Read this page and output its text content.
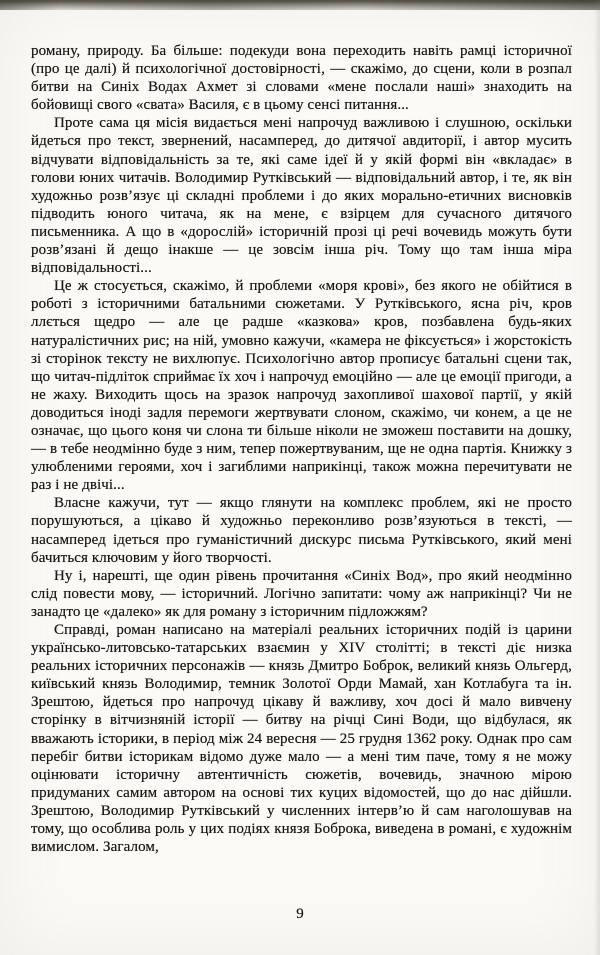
роману, природу. Ба більше: подекуди вона переходить навіть рамці історичної (про це далі) й психологічної достовірності, — скажімо, до сцени, коли в розпал битви на Синіх Водах Ахмет зі словами «мене послали наші» знаходить на бойовищі свого «свата» Василя, є в цьому сенсі питання...

Проте сама ця місія видається мені напрочуд важливою і слушною, оскільки йдеться про текст, звернений, насамперед, до дитячої авдиторії, і автор мусить відчувати відповідальність за те, які саме ідеї й у якій формі він «вкладає» в голови юних читачів. Володимир Рутківський — відповідальний автор, і те, як він художньо розв’язує ці складні проблеми і до яких морально-етичних висновків підводить юного читача, як на мене, є взірцем для сучасного дитячого письменника. А що в «дорослій» історичній прозі ці речі вочевидь можуть бути розв’язані й дещо інакше — це зовсім інша річ. Тому що там інша міра відповідальності...

Це ж стосується, скажімо, й проблеми «моря крові», без якого не обійтися в роботі з історичними батальними сюжетами. У Рутківського, ясна річ, кров ллється щедро — але це радше «казкова» кров, позбавлена будь-яких натуралістичних рис; на ній, умовно кажучи, «камера не фіксується» і жорстокість зі сторінок тексту не вихлюпує. Психологічно автор прописує батальні сцени так, що читач-підліток сприймає їх хоч і напрочуд емоційно — але це емоції пригоди, а не жаху. Виходить щось на зразок напрочуд захопливої шахової партії, у якій доводиться іноді задля перемоги жертвувати слоном, скажімо, чи конем, а це не означає, що цього коня чи слона ти більше ніколи не зможеш поставити на дошку, — в тебе неодмінно буде з ним, тепер пожертвуваним, ще не одна партія. Книжку з улюбленими героями, хоч і загиблими наприкінці, також можна перечитувати не раз і не двічі...

Власне кажучи, тут — якщо глянути на комплекс проблем, які не просто порушуються, а цікаво й художньо переконливо розв’язуються в тексті, — насамперед ідеться про гуманістичний дискурс письма Рутківського, який мені бачиться ключовим у його творчості.

Ну і, нарешті, ще один рівень прочитання «Синіх Вод», про який неодмінно слід повести мову, — історичний. Логічно запитати: чому аж наприкінці? Чи не занадто це «далеко» як для роману з історичним підложжям?

Справді, роман написано на матеріалі реальних історичних подій із царини українсько-литовсько-татарських взаємин у XIV столітті; в тексті діє низка реальних історичних персонажів — князь Дмитро Боброк, великий князь Ольгерд, київський князь Володимир, темник Золотої Орди Мамай, хан Котлабуга та ін. Зрештою, йдеться про напрочуд цікаву й важливу, хоч досі й мало вивчену сторінку в вітчизняній історії — битву на річці Сині Води, що відбулася, як вважають історики, в період між 24 вересня — 25 грудня 1362 року. Однак про сам перебіг битви історикам відомо дуже мало — а мені тим паче, тому я не можу оцінювати історичну автентичність сюжетів, вочевидь, значною мірою придуманих самим автором на основі тих куцих відомостей, що до нас дійшли. Зрештою, Володимир Рутківський у численних інтерв’ю й сам наголошував на тому, що особлива роль у цих подіях князя Боброка, виведена в романі, є художнім вимислом. Загалом,

9
